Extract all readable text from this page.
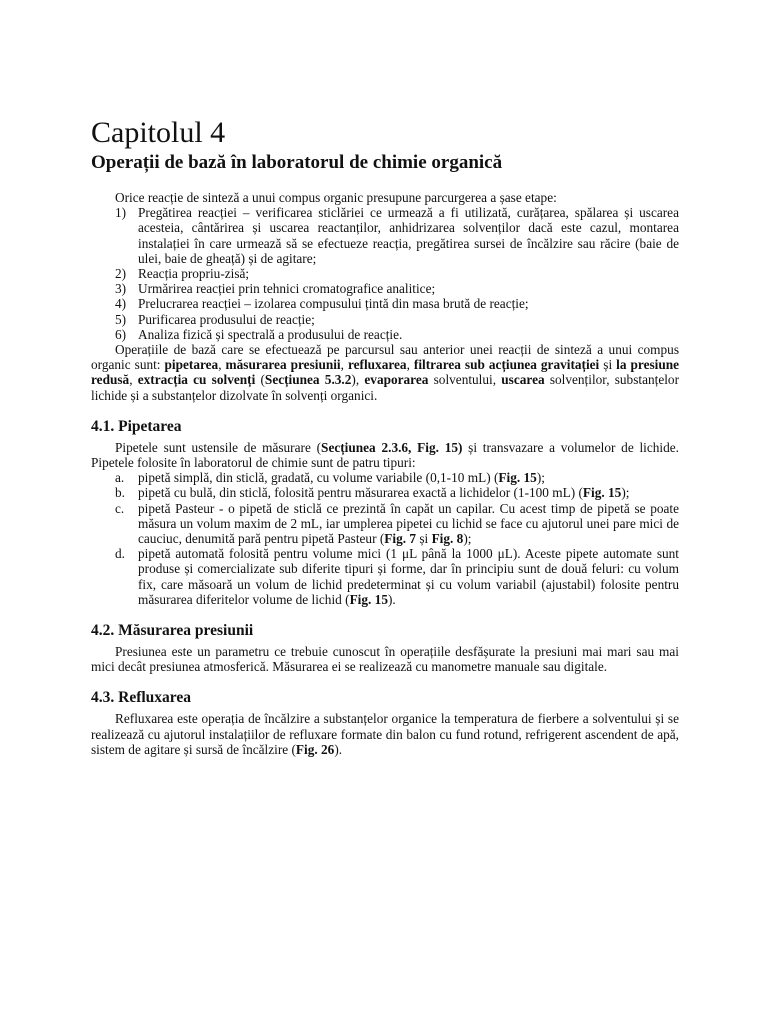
Capitolul 4
Operații de bază în laboratorul de chimie organică

Orice reacție de sinteză a unui compus organic presupune parcurgerea a șase etape:

1) Pregătirea reacției – verificarea sticlăriei ce urmează a fi utilizată, curățarea, spălarea și uscarea acesteia, cântărirea și uscarea reactanților, anhidrizarea solvenților dacă este cazul, montarea instalației în care urmează să se efectueze reacția, pregătirea sursei de încălzire sau răcire (baie de ulei, baie de gheață) și de agitare;
2) Reacția propriu-zisă;
3) Urmărirea reacției prin tehnici cromatografice analitice;
4) Prelucrarea reacției – izolarea compusului țintă din masa brută de reacție;
5) Purificarea produsului de reacție;
6) Analiza fizică și spectrală a produsului de reacție.

Operațiile de bază care se efectuează pe parcursul sau anterior unei reacții de sinteză a unui compus organic sunt: pipetarea, măsurarea presiunii, refluxarea, filtrarea sub acțiunea gravitației și la presiune redusă, extracția cu solvenți (Secțiunea 5.3.2), evaporarea solventului, uscarea solvenților, substanțelor lichide și a substanțelor dizolvate în solvenți organici.

4.1. Pipetarea

Pipetele sunt ustensile de măsurare (Secțiunea 2.3.6, Fig. 15) și transvazare a volumelor de lichide. Pipetele folosite în laboratorul de chimie sunt de patru tipuri:

a. pipetă simplă, din sticlă, gradată, cu volume variabile (0,1-10 mL) (Fig. 15);
b. pipetă cu bulă, din sticlă, folosită pentru măsurarea exactă a lichidelor (1-100 mL) (Fig. 15);
c. pipetă Pasteur - o pipetă de sticlă ce prezintă în capăt un capilar. Cu acest timp de pipetă se poate măsura un volum maxim de 2 mL, iar umplerea pipetei cu lichid se face cu ajutorul unei pare mici de cauciuc, denumită pară pentru pipetă Pasteur (Fig. 7 și Fig. 8);
d. pipetă automată folosită pentru volume mici (1 μL până la 1000 μL). Aceste pipete automate sunt produse și comercializate sub diferite tipuri și forme, dar în principiu sunt de două feluri: cu volum fix, care măsoară un volum de lichid predeterminat și cu volum variabil (ajustabil) folosite pentru măsurarea diferitelor volume de lichid (Fig. 15).
4.2. Măsurarea presiunii

Presiunea este un parametru ce trebuie cunoscut în operațiile desfășurate la presiuni mai mari sau mai mici decât presiunea atmosferică. Măsurarea ei se realizează cu manometre manuale sau digitale.

4.3. Refluxarea

Refluxarea este operația de încălzire a substanțelor organice la temperatura de fierbere a solventului și se realizează cu ajutorul instalațiilor de refluxare formate din balon cu fund rotund, refrigerent ascendent de apă, sistem de agitare și sursă de încălzire (Fig. 26).
